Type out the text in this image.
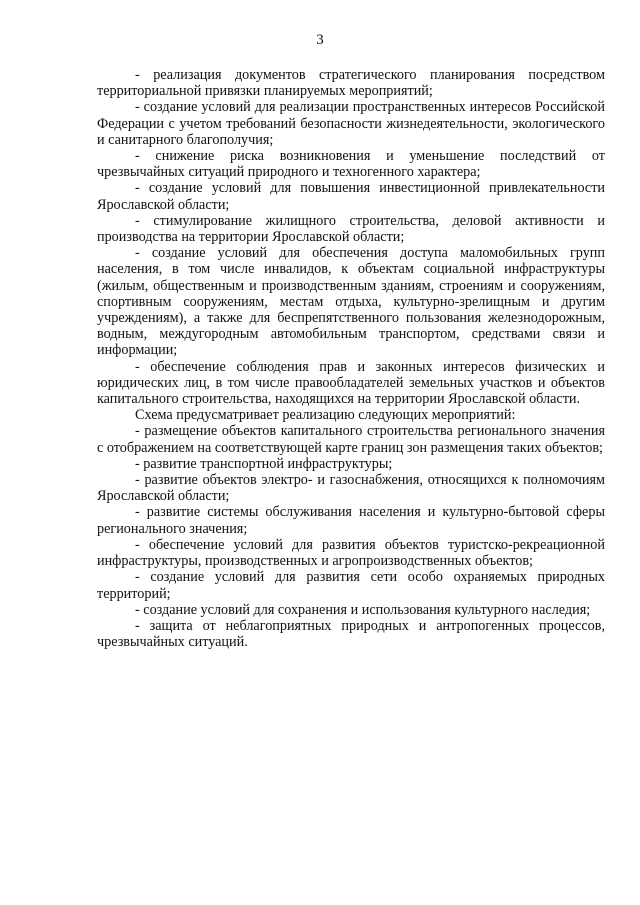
3

- реализация документов стратегического планирования посредством территориальной привязки планируемых мероприятий;

- создание условий для реализации пространственных интересов Российской Федерации с учетом требований безопасности жизнедеятельности, экологического и санитарного благополучия;

- снижение риска возникновения и уменьшение последствий от чрезвычайных ситуаций природного и техногенного характера;

- создание условий для повышения инвестиционной привлекательности Ярославской области;

- стимулирование жилищного строительства, деловой активности и производства на территории Ярославской области;

- создание условий для обеспечения доступа маломобильных групп населения, в том числе инвалидов, к объектам социальной инфраструктуры (жилым, общественным и производственным зданиям, строениям и сооружениям, спортивным сооружениям, местам отдыха, культурно-зрелищным и другим учреждениям), а также для беспрепятственного пользования железнодорожным, водным, междугородным автомобильным транспортом, средствами связи и информации;

- обеспечение соблюдения прав и законных интересов физических и юридических лиц, в том числе правообладателей земельных участков и объектов капитального строительства, находящихся на территории Ярославской области.

Схема предусматривает реализацию следующих мероприятий:

- размещение объектов капитального строительства регионального значения с отображением на соответствующей карте границ зон размещения таких объектов;

- развитие транспортной инфраструктуры;

- развитие объектов электро- и газоснабжения, относящихся к полномочиям Ярославской области;

- развитие системы обслуживания населения и культурно-бытовой сферы регионального значения;

- обеспечение условий для развития объектов туристско-рекреационной инфраструктуры, производственных и агропроизводственных объектов;

- создание условий для развития сети особо охраняемых природных территорий;

- создание условий для сохранения и использования культурного наследия;

- защита от неблагоприятных природных и антропогенных процессов, чрезвычайных ситуаций.
